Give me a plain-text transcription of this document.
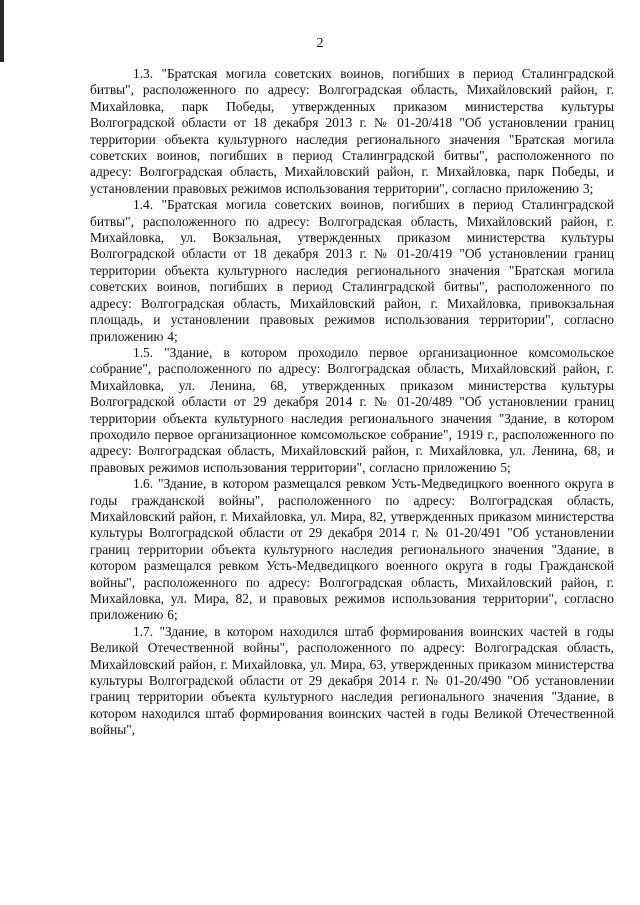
2

1.3. "Братская могила советских воинов, погибших в период Сталинградской битвы", расположенного по адресу: Волгоградская область, Михайловский район, г. Михайловка, парк Победы, утвержденных приказом министерства культуры Волгоградской области от 18 декабря 2013 г. № 01-20/418 "Об установлении границ территории объекта культурного наследия регионального значения "Братская могила советских воинов, погибших в период Сталинградской битвы", расположенного по адресу: Волгоградская область, Михайловский район, г. Михайловка, парк Победы, и установлении правовых режимов использования территории", согласно приложению 3;

1.4. "Братская могила советских воинов, погибших в период Сталинградской битвы", расположенного по адресу: Волгоградская область, Михайловский район, г. Михайловка, ул. Вокзальная, утвержденных приказом министерства культуры Волгоградской области от 18 декабря 2013 г. № 01-20/419 "Об установлении границ территории объекта культурного наследия регионального значения "Братская могила советских воинов, погибших в период Сталинградской битвы", расположенного по адресу: Волгоградская область, Михайловский район, г. Михайловка, привокзальная площадь, и установлении правовых режимов использования территории", согласно приложению 4;

1.5. "Здание, в котором проходило первое организационное комсомольское собрание", расположенного по адресу: Волгоградская область, Михайловский район, г. Михайловка, ул. Ленина, 68, утвержденных приказом министерства культуры Волгоградской области от 29 декабря 2014 г. № 01-20/489 "Об установлении границ территории объекта культурного наследия регионального значения "Здание, в котором проходило первое организационное комсомольское собрание", 1919 г., расположенного по адресу: Волгоградская область, Михайловский район, г. Михайловка, ул. Ленина, 68, и правовых режимов использования территории", согласно приложению 5;

1.6. "Здание, в котором размещался ревком Усть-Медведицкого военного округа в годы гражданской войны", расположенного по адресу: Волгоградская область, Михайловский район, г. Михайловка, ул. Мира, 82, утвержденных приказом министерства культуры Волгоградской области от 29 декабря 2014 г. № 01-20/491 "Об установлении границ территории объекта культурного наследия регионального значения "Здание, в котором размещался ревком Усть-Медведицкого военного округа в годы Гражданской войны", расположенного по адресу: Волгоградская область, Михайловский район, г. Михайловка, ул. Мира, 82, и правовых режимов использования территории", согласно приложению 6;

1.7. "Здание, в котором находился штаб формирования воинских частей в годы Великой Отечественной войны", расположенного по адресу: Волгоградская область, Михайловский район, г. Михайловка, ул. Мира, 63, утвержденных приказом министерства культуры Волгоградской области от 29 декабря 2014 г. № 01-20/490 "Об установлении границ территории объекта культурного наследия регионального значения "Здание, в котором находился штаб формирования воинских частей в годы Великой Отечественной войны",
